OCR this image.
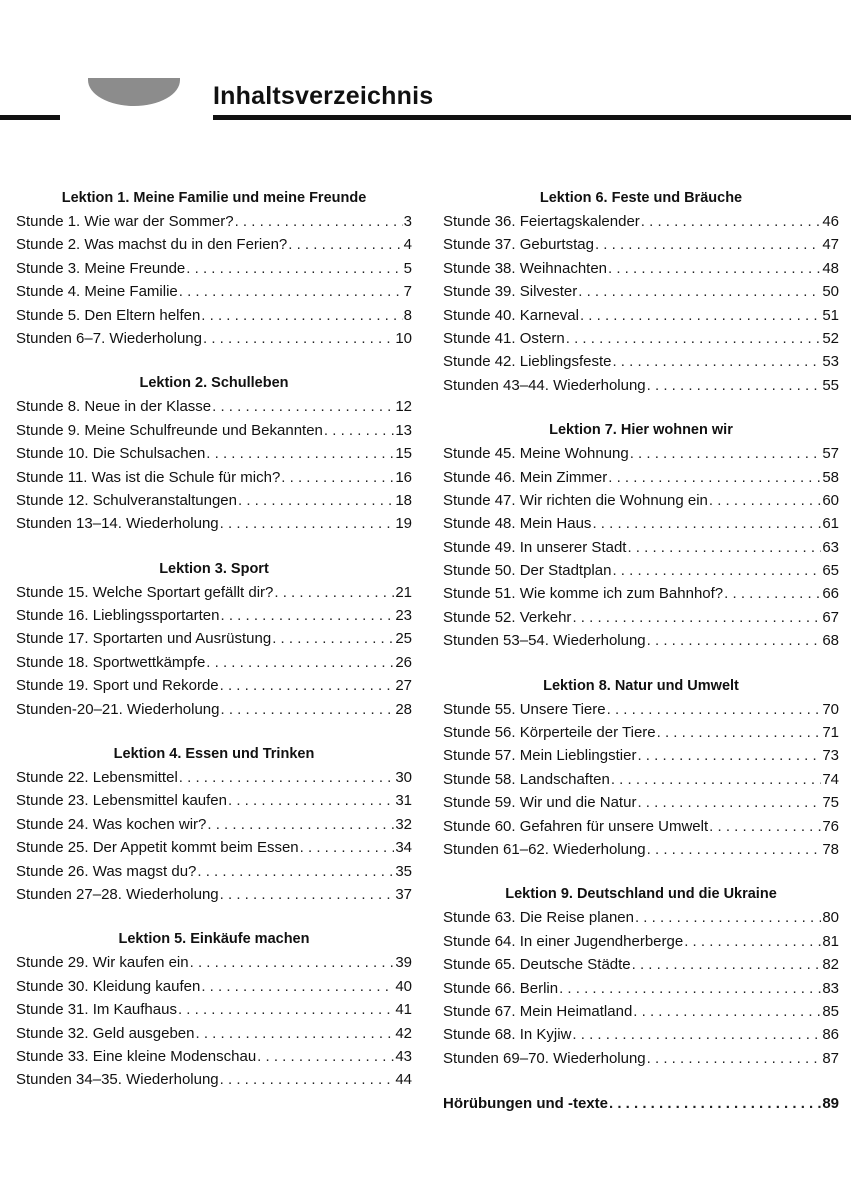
Inhaltsverzeichnis
Lektion 1. Meine Familie und meine Freunde
Stunde 1. Wie war der Sommer? . . .	3
Stunde 2. Was machst du in den Ferien? . . .	4
Stunde 3. Meine Freunde . . .	5
Stunde 4. Meine Familie . . .	7
Stunde 5. Den Eltern helfen . . .	8
Stunden 6–7. Wiederholung . . .	10
Lektion 2. Schulleben
Stunde 8. Neue in der Klasse . . .	12
Stunde 9. Meine Schulfreunde und Bekannten . . .	13
Stunde 10. Die Schulsachen . . .	15
Stunde 11. Was ist die Schule für mich? . . .	16
Stunde 12. Schulveranstaltungen . . .	18
Stunden 13–14. Wiederholung . . .	19
Lektion 3. Sport
Stunde 15. Welche Sportart gefällt dir? . . .	21
Stunde 16. Lieblingssportarten . . .	23
Stunde 17. Sportarten und Ausrüstung . . .	25
Stunde 18. Sportwettkämpfe . . .	26
Stunde 19. Sport und Rekorde . . .	27
Stunden-20–21. Wiederholung . . .	28
Lektion 4. Essen und Trinken
Stunde 22. Lebensmittel . . .	30
Stunde 23. Lebensmittel kaufen . . .	31
Stunde 24. Was kochen wir? . . .	32
Stunde 25. Der Appetit kommt beim Essen . . .	34
Stunde 26. Was magst du? . . .	35
Stunden 27–28. Wiederholung . . .	37
Lektion 5. Einkäufe machen
Stunde 29. Wir kaufen ein . . .	39
Stunde 30. Kleidung kaufen . . .	40
Stunde 31. Im Kaufhaus . . .	41
Stunde 32. Geld ausgeben . . .	42
Stunde 33. Eine kleine Modenschau . . .	43
Stunden 34–35. Wiederholung . . .	44
Lektion 6. Feste und Bräuche
Stunde 36. Feiertagskalender . . .	46
Stunde 37. Geburtstag . . .	47
Stunde 38. Weihnachten . . .	48
Stunde 39. Silvester . . .	50
Stunde 40. Karneval . . .	51
Stunde 41. Ostern . . .	52
Stunde 42. Lieblingsfeste . . .	53
Stunden 43–44. Wiederholung . . .	55
Lektion 7. Hier wohnen wir
Stunde 45. Meine Wohnung . . .	57
Stunde 46. Mein Zimmer . . .	58
Stunde 47. Wir richten die Wohnung ein . . .	60
Stunde 48. Mein Haus . . .	61
Stunde 49. In unserer Stadt . . .	63
Stunde 50. Der Stadtplan . . .	65
Stunde 51. Wie komme ich zum Bahnhof? . . .	66
Stunde 52. Verkehr . . .	67
Stunden 53–54. Wiederholung . . .	68
Lektion 8. Natur und Umwelt
Stunde 55. Unsere Tiere . . .	70
Stunde 56. Körperteile der Tiere . . .	71
Stunde 57. Mein Lieblingstier . . .	73
Stunde 58. Landschaften . . .	74
Stunde 59. Wir und die Natur . . .	75
Stunde 60. Gefahren für unsere Umwelt . . .	76
Stunden 61–62. Wiederholung . . .	78
Lektion 9. Deutschland und die Ukraine
Stunde 63. Die Reise planen . . .	80
Stunde 64. In einer Jugendherberge . . .	81
Stunde 65. Deutsche Städte . . .	82
Stunde 66. Berlin . . .	83
Stunde 67. Mein Heimatland . . .	85
Stunde 68. In Kyjiw . . .	86
Stunden 69–70. Wiederholung . . .	87
Hörübungen und -texte . . .	89
